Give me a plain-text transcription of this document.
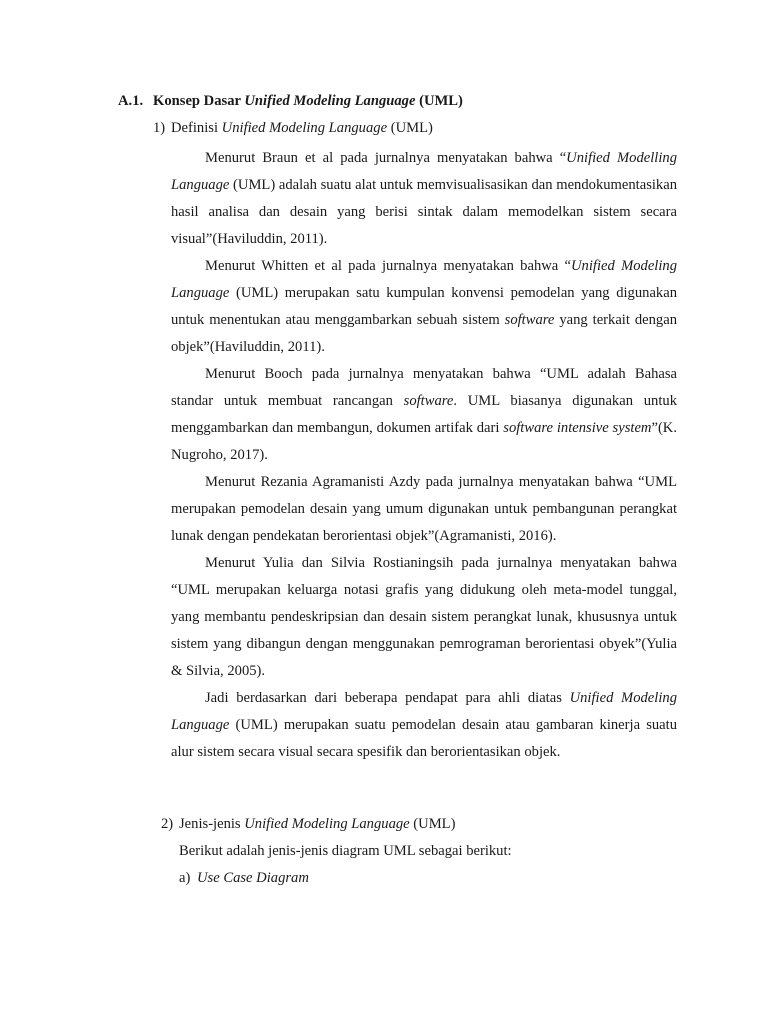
A.1. Konsep Dasar Unified Modeling Language (UML)
1) Definisi Unified Modeling Language (UML)

Menurut Braun et al pada jurnalnya menyatakan bahwa “Unified Modelling Language (UML) adalah suatu alat untuk memvisualisasikan dan mendokumentasikan hasil analisa dan desain yang berisi sintak dalam memodelkan sistem secara visual”(Haviluddin, 2011).

Menurut Whitten et al pada jurnalnya menyatakan bahwa “Unified Modeling Language (UML) merupakan satu kumpulan konvensi pemodelan yang digunakan untuk menentukan atau menggambarkan sebuah sistem software yang terkait dengan objek”(Haviluddin, 2011).

Menurut Booch pada jurnalnya menyatakan bahwa “UML adalah Bahasa standar untuk membuat rancangan software. UML biasanya digunakan untuk menggambarkan dan membangun, dokumen artifak dari software intensive system”(K. Nugroho, 2017).

Menurut Rezania Agramanisti Azdy pada jurnalnya menyatakan bahwa “UML merupakan pemodelan desain yang umum digunakan untuk pembangunan perangkat lunak dengan pendekatan berorientasi objek”(Agramanisti, 2016).

Menurut Yulia dan Silvia Rostianingsih pada jurnalnya menyatakan bahwa “UML merupakan keluarga notasi grafis yang didukung oleh meta-model tunggal, yang membantu pendeskripsian dan desain sistem perangkat lunak, khususnya untuk sistem yang dibangun dengan menggunakan pemrograman berorientasi obyek”(Yulia & Silvia, 2005).

Jadi berdasarkan dari beberapa pendapat para ahli diatas Unified Modeling Language (UML) merupakan suatu pemodelan desain atau gambaran kinerja suatu alur sistem secara visual secara spesifik dan berorientasikan objek.

2) Jenis-jenis Unified Modeling Language (UML)
Berikut adalah jenis-jenis diagram UML sebagai berikut:
a) Use Case Diagram
